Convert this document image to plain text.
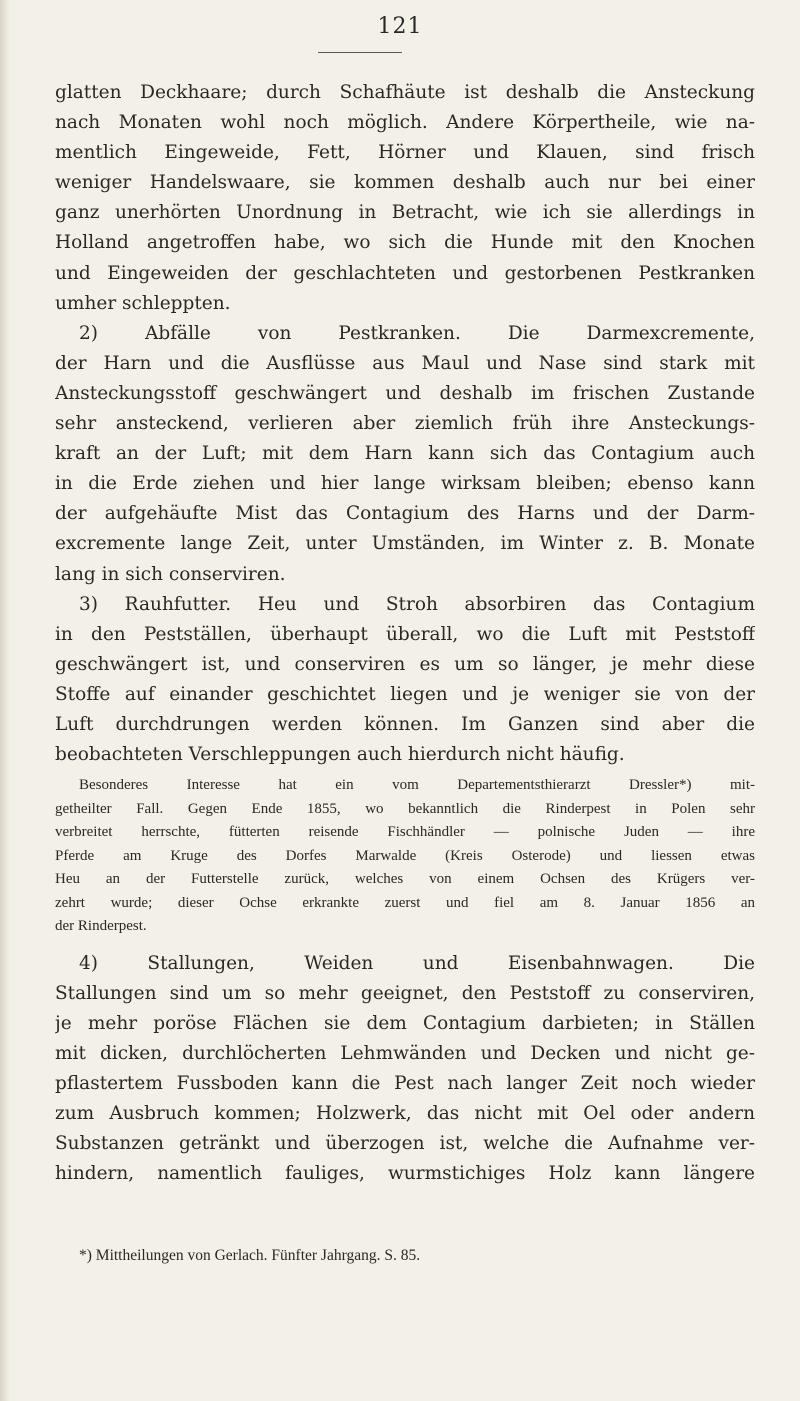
121
glatten Deckhaare; durch Schafhäute ist deshalb die Ansteckung
nach Monaten wohl noch möglich. Andere Körpertheile, wie na-
mentlich Eingeweide, Fett, Hörner und Klauen, sind frisch
weniger Handelswaare, sie kommen deshalb auch nur bei einer
ganz unerhörten Unordnung in Betracht, wie ich sie allerdings in
Holland angetroffen habe, wo sich die Hunde mit den Knochen
und Eingeweiden der geschlachteten und gestorbenen Pestkranken
umher schleppten.
2) Abfälle von Pestkranken. Die Darmexcremente,
der Harn und die Ausflüsse aus Maul und Nase sind stark mit
Ansteckungsstoff geschwängert und deshalb im frischen Zustande
sehr ansteckend, verlieren aber ziemlich früh ihre Ansteckungs-
kraft an der Luft; mit dem Harn kann sich das Contagium auch
in die Erde ziehen und hier lange wirksam bleiben; ebenso kann
der aufgehäufte Mist das Contagium des Harns und der Darm-
excremente lange Zeit, unter Umständen, im Winter z. B. Monate
lang in sich conserviren.
3) Rauhfutter. Heu und Stroh absorbiren das Contagium
in den Pestställen, überhaupt überall, wo die Luft mit Peststoff
geschwängert ist, und conserviren es um so länger, je mehr diese
Stoffe auf einander geschichtet liegen und je weniger sie von der
Luft durchdrungen werden können. Im Ganzen sind aber die
beobachteten Verschleppungen auch hierdurch nicht häufig.
Besonderes Interesse hat ein vom Departementsthierarzt Dressler*) mit-
getheilter Fall. Gegen Ende 1855, wo bekanntlich die Rinderpest in Polen sehr
verbreitet herrschte, fütterten reisende Fischhändler — polnische Juden — ihre
Pferde am Kruge des Dorfes Marwalde (Kreis Osterode) und liessen etwas
Heu an der Futterstelle zurück, welches von einem Ochsen des Krügers ver-
zehrt wurde; dieser Ochse erkrankte zuerst und fiel am 8. Januar 1856 an
der Rinderpest.
4) Stallungen, Weiden und Eisenbahnwagen. Die
Stallungen sind um so mehr geeignet, den Peststoff zu conserviren,
je mehr poröse Flächen sie dem Contagium darbieten; in Ställen
mit dicken, durchlöcherten Lehmwänden und Decken und nicht ge-
pflastertem Fussboden kann die Pest nach langer Zeit noch wieder
zum Ausbruch kommen; Holzwerk, das nicht mit Oel oder andern
Substanzen getränkt und überzogen ist, welche die Aufnahme ver-
hindern, namentlich fauliges, wurmstichiges Holz kann längere
*) Mittheilungen von Gerlach. Fünfter Jahrgang. S. 85.
